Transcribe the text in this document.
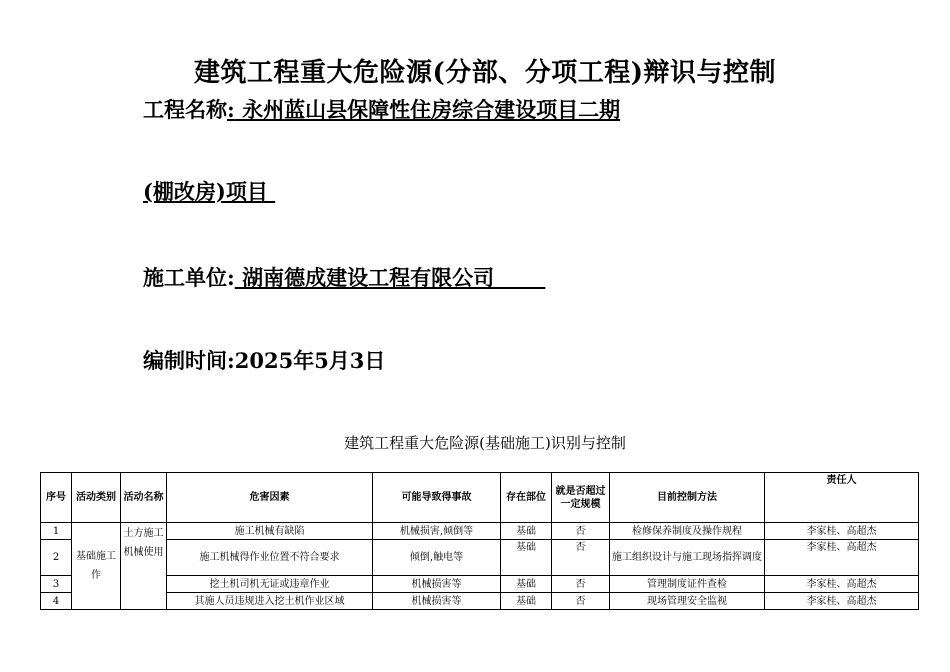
建筑工程重大危险源(分部、分项工程)辩识与控制
工程名称: 永州蓝山县保障性住房综合建设项目二期
(棚改房)项目
施工单位: 湖南德成建设工程有限公司
编制时间:2025年5月3日
建筑工程重大危险源(基础施工)识别与控制
序号	活动类别	活动名称	危害因素	可能导致得事故	存在部位	就是否超过一定规模	目前控制方法	责任人
1	基础施工作	土方施工机械使用	施工机械有缺陷	机械损害,倾倒等	基础	否	检修保养制度及操作规程	李家桂、高超杰
2			施工机械得作业位置不符合要求	倾倒,触电等	基础	否	施工组织设计与施工现场指挥调度	李家桂、高超杰
3			挖土机司机无证或违章作业	机械损害等	基础	否	管理制度证件查检	李家桂、高超杰
4			其施人员违规进入挖土机作业区域	机械损害等	基础	否	现场管理安全监视	李家桂、高超杰
